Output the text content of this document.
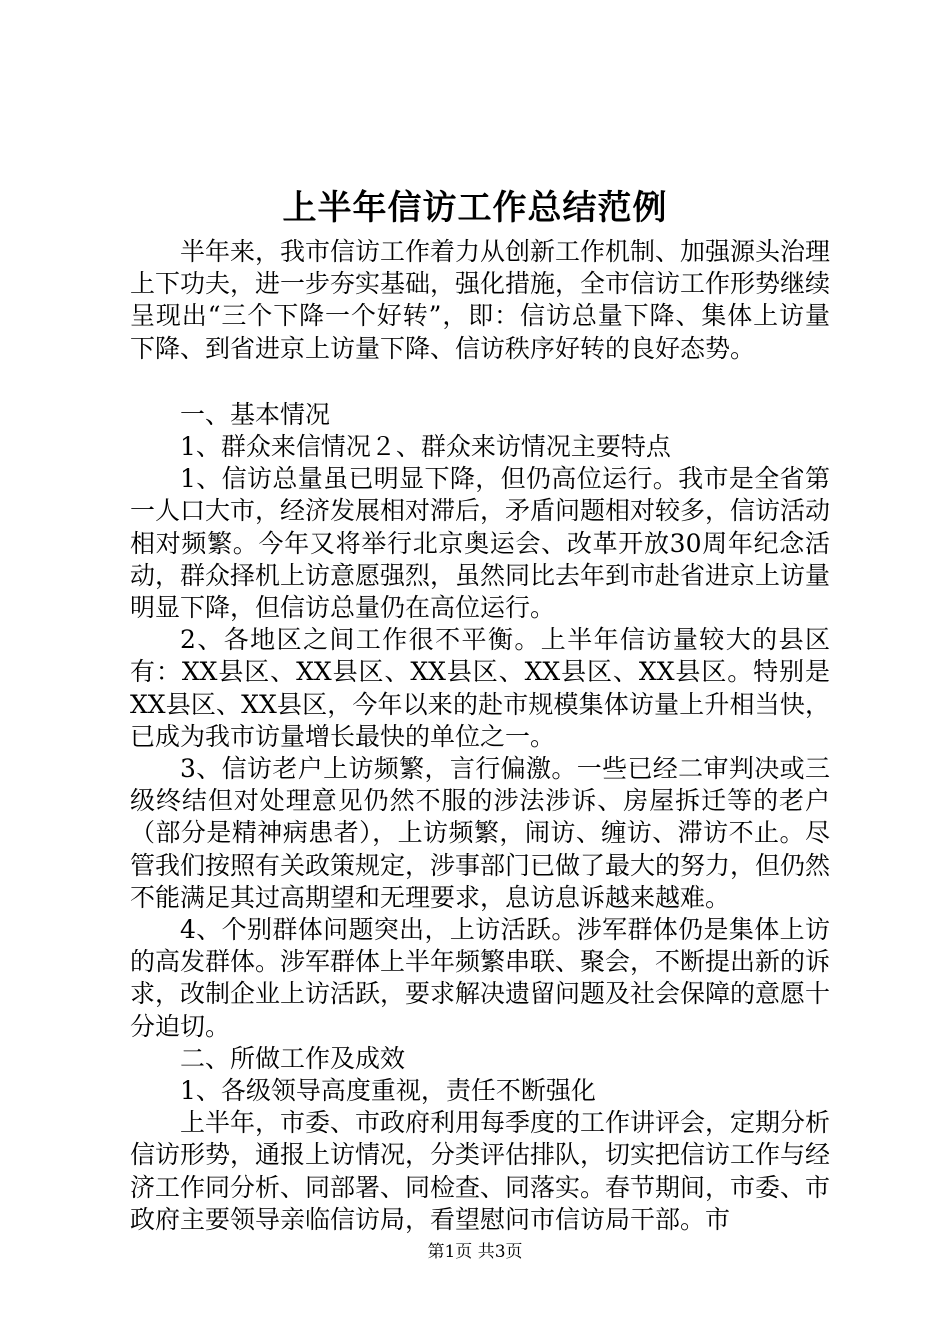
上半年信访工作总结范例

半年来，我市信访工作着力从创新工作机制、加强源头治理上下功夫，进一步夯实基础，强化措施，全市信访工作形势继续呈现出“三个下降一个好转”，即：信访总量下降、集体上访量下降、到省进京上访量下降、信访秩序好转的良好态势。

一、基本情况

1、群众来信情况２、群众来访情况主要特点

1、信访总量虽已明显下降，但仍高位运行。我市是全省第一人口大市，经济发展相对滞后，矛盾问题相对较多，信访活动相对频繁。今年又将举行北京奥运会、改革开放30周年纪念活动，群众择机上访意愿强烈，虽然同比去年到市赴省进京上访量明显下降，但信访总量仍在高位运行。

2、各地区之间工作很不平衡。上半年信访量较大的县区有：XX县区、XX县区、XX县区、XX县区、XX县区。特别是XX县区、XX县区，今年以来的赴市规模集体访量上升相当快，已成为我市访量增长最快的单位之一。

3、信访老户上访频繁，言行偏激。一些已经二审判决或三级终结但对处理意见仍然不服的涉法涉诉、房屋拆迁等的老户（部分是精神病患者），上访频繁，闹访、缠访、滞访不止。尽管我们按照有关政策规定，涉事部门已做了最大的努力，但仍然不能满足其过高期望和无理要求，息访息诉越来越难。

4、个别群体问题突出，上访活跃。涉军群体仍是集体上访的高发群体。涉军群体上半年频繁串联、聚会，不断提出新的诉求，改制企业上访活跃，要求解决遗留问题及社会保障的意愿十分迫切。

二、所做工作及成效

1、各级领导高度重视，责任不断强化

上半年，市委、市政府利用每季度的工作讲评会，定期分析信访形势，通报上访情况，分类评估排队，切实把信访工作与经济工作同分析、同部署、同检查、同落实。春节期间，市委、市政府主要领导亲临信访局，看望慰问市信访局干部。市

第1页 共3页
